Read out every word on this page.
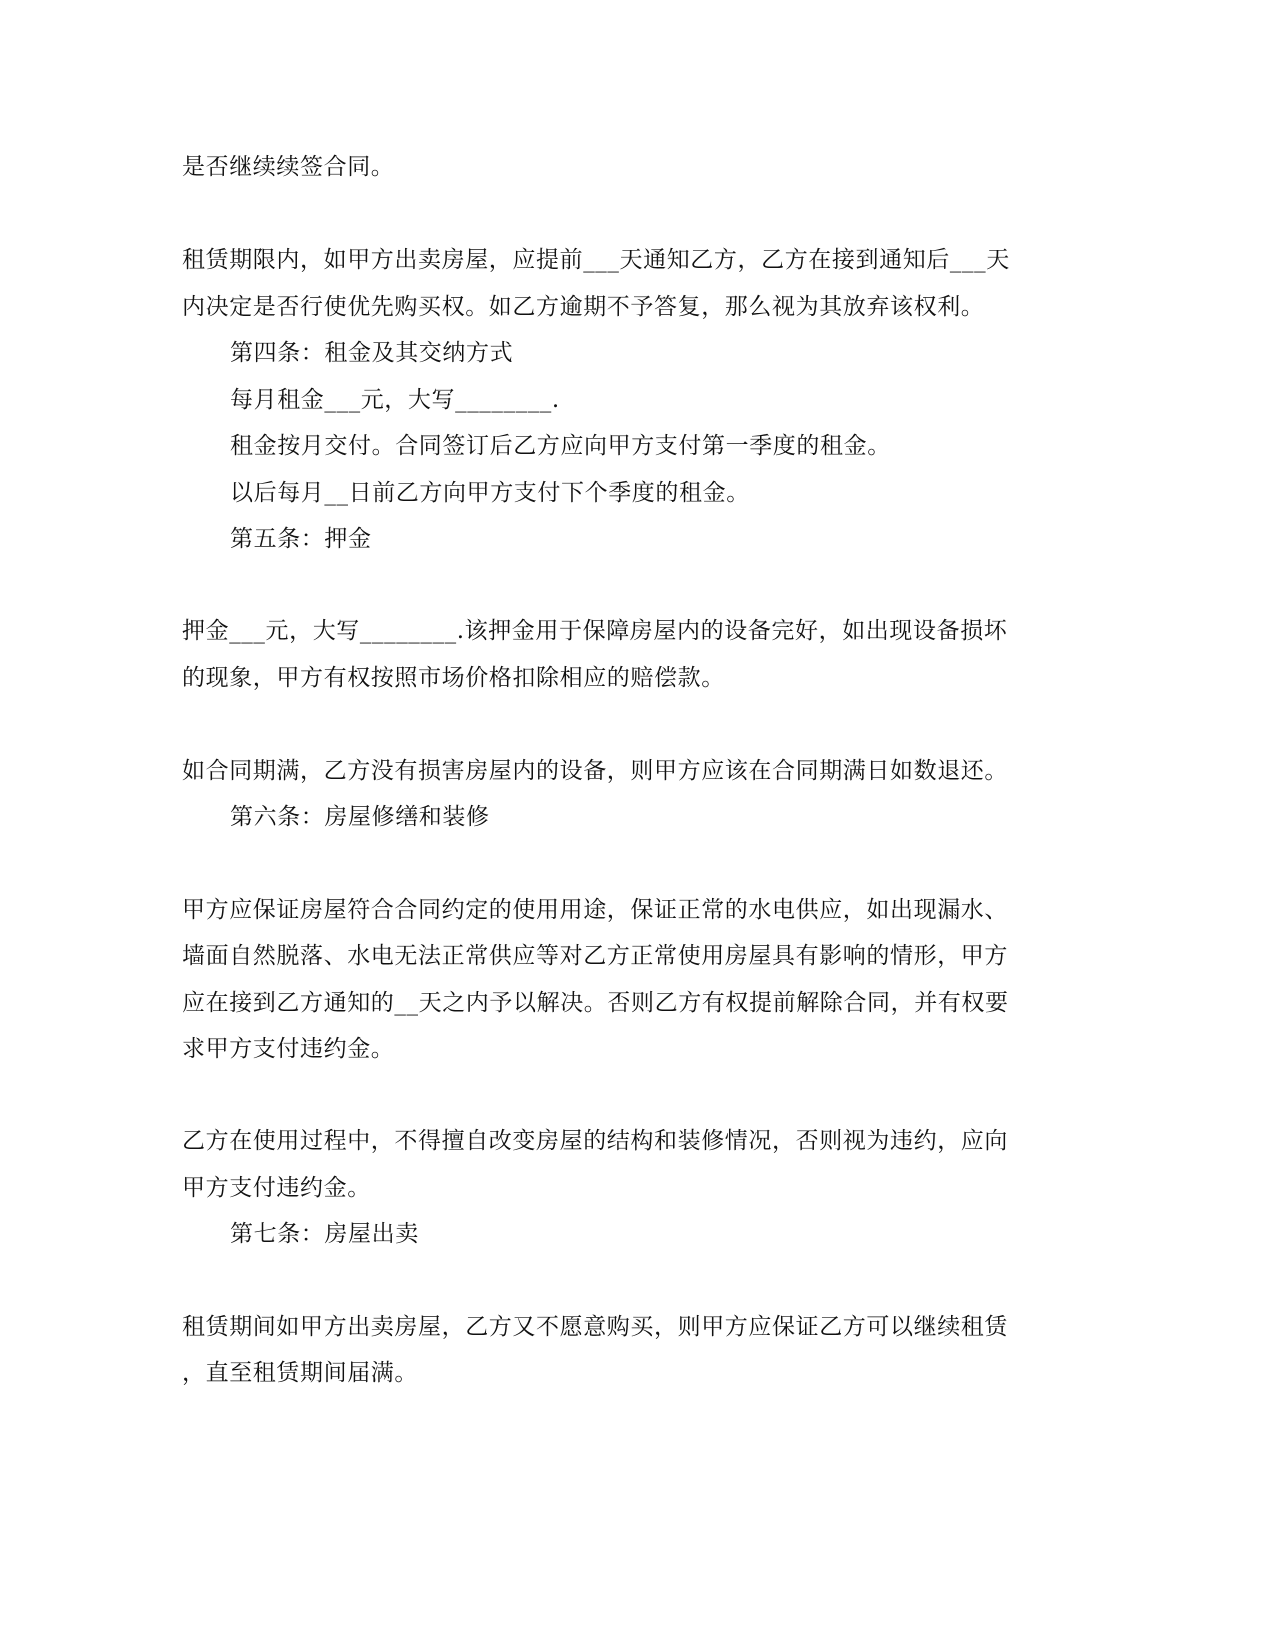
是否继续续签合同。
租赁期限内，如甲方出卖房屋，应提前___天通知乙方，乙方在接到通知后___天
内决定是否行使优先购买权。如乙方逾期不予答复，那么视为其放弃该权利。
第四条：租金及其交纳方式
每月租金___元，大写________.
租金按月交付。合同签订后乙方应向甲方支付第一季度的租金。
以后每月__日前乙方向甲方支付下个季度的租金。
第五条：押金
押金___元，大写________.该押金用于保障房屋内的设备完好，如出现设备损坏
的现象，甲方有权按照市场价格扣除相应的赔偿款。
如合同期满，乙方没有损害房屋内的设备，则甲方应该在合同期满日如数退还。
第六条：房屋修缮和装修
甲方应保证房屋符合合同约定的使用用途，保证正常的水电供应，如出现漏水、
墙面自然脱落、水电无法正常供应等对乙方正常使用房屋具有影响的情形，甲方
应在接到乙方通知的__天之内予以解决。否则乙方有权提前解除合同，并有权要
求甲方支付违约金。
乙方在使用过程中，不得擅自改变房屋的结构和装修情况，否则视为违约，应向
甲方支付违约金。
第七条：房屋出卖
租赁期间如甲方出卖房屋，乙方又不愿意购买，则甲方应保证乙方可以继续租赁
，直至租赁期间届满。
